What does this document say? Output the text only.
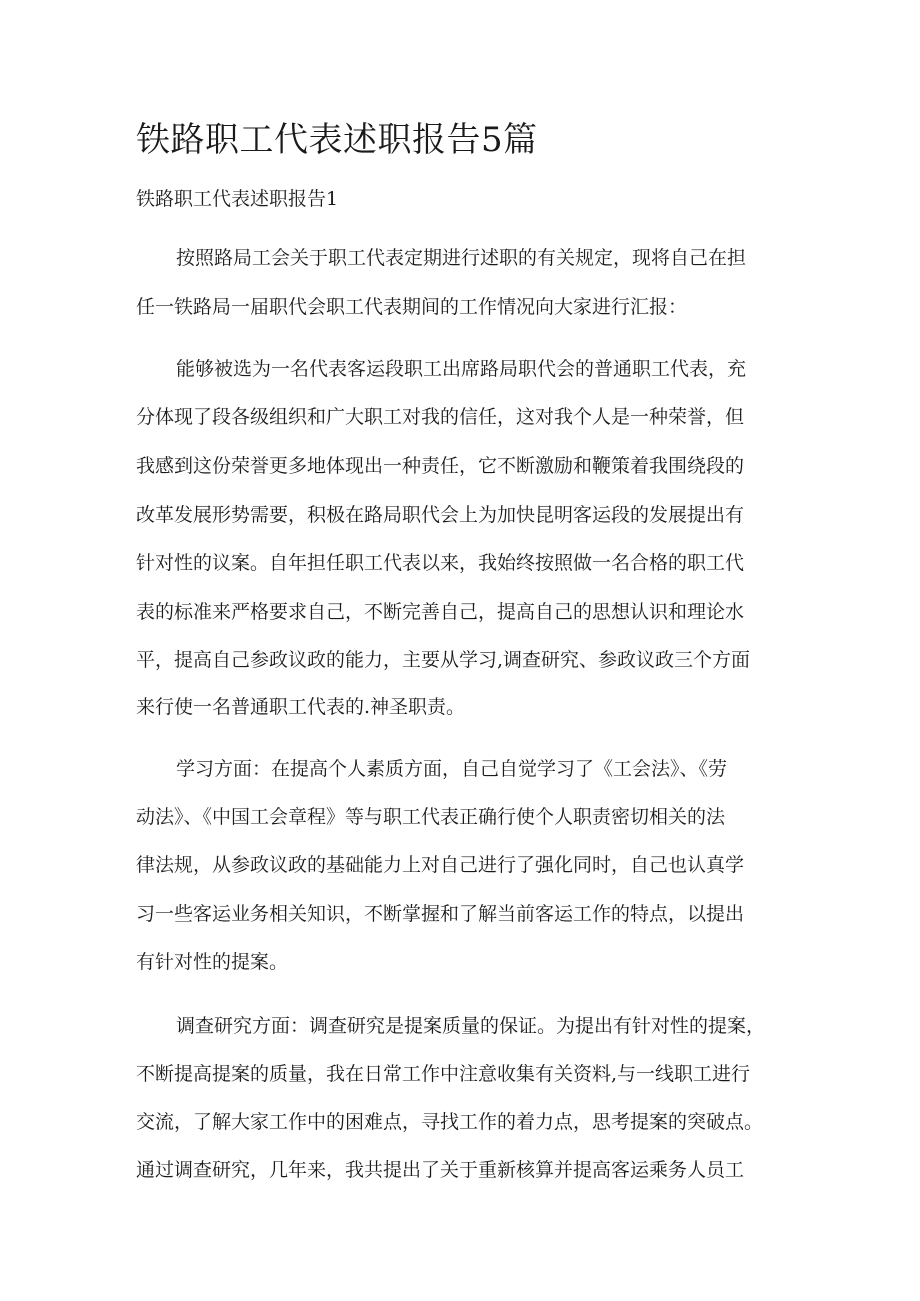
铁路职工代表述职报告5篇
铁路职工代表述职报告1

按照路局工会关于职工代表定期进行述职的有关规定，现将自己在担

任一铁路局一届职代会职工代表期间的工作情况向大家进行汇报：

能够被选为一名代表客运段职工出席路局职代会的普通职工代表，充

分体现了段各级组织和广大职工对我的信任，这对我个人是一种荣誉，但

我感到这份荣誉更多地体现出一种责任，它不断激励和鞭策着我围绕段的

改革发展形势需要，积极在路局职代会上为加快昆明客运段的发展提出有

针对性的议案。自年担任职工代表以来，我始终按照做一名合格的职工代

表的标准来严格要求自己，不断完善自己，提高自己的思想认识和理论水

平，提高自己参政议政的能力，主要从学习,调查研究、参政议政三个方面

来行使一名普通职工代表的.神圣职责。

学习方面：在提高个人素质方面，自己自觉学习了《工会法》、《劳

动法》、《中国工会章程》等与职工代表正确行使个人职责密切相关的法

律法规，从参政议政的基础能力上对自己进行了强化同时，自己也认真学

习一些客运业务相关知识，不断掌握和了解当前客运工作的特点，以提出

有针对性的提案。

调查研究方面：调查研究是提案质量的保证。为提出有针对性的提案，

不断提高提案的质量，我在日常工作中注意收集有关资料,与一线职工进行

交流，了解大家工作中的困难点，寻找工作的着力点，思考提案的突破点。

通过调查研究，几年来，我共提出了关于重新核算并提高客运乘务人员工
